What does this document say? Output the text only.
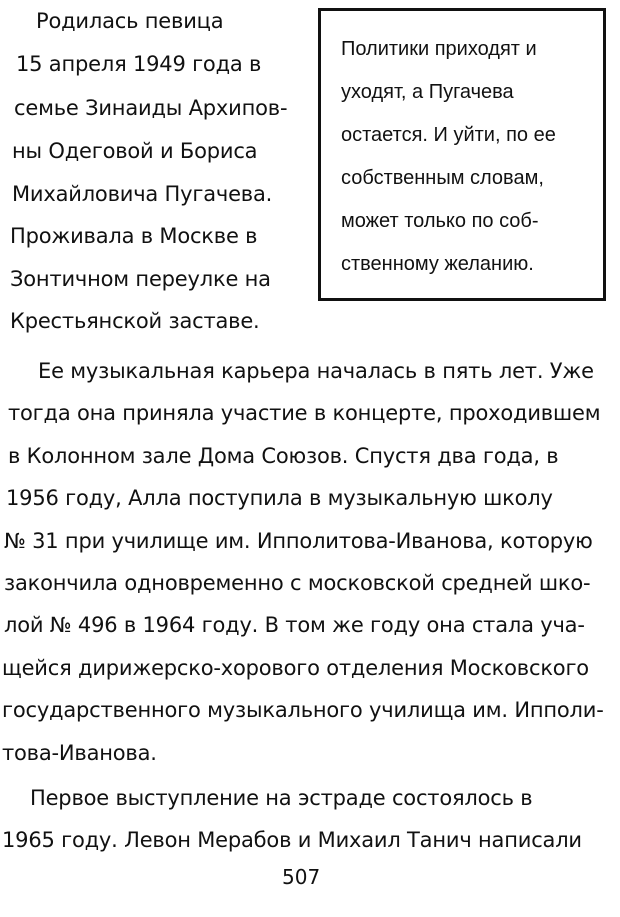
Родилась певица
15 апреля 1949 года в
семье Зинаиды Архипов-
ны Одеговой и Бориса
Михайловича Пугачева.
Проживала в Москве в
Зонтичном переулке на
Крестьянской заставе.
Политики приходят и
уходят, а Пугачева
остается. И уйти, по ее
собственным словам,
может только по соб-
ственному желанию.
Ее музыкальная карьера началась в пять лет. Уже
тогда она приняла участие в концерте, проходившем
в Колонном зале Дома Союзов. Спустя два года, в
1956 году, Алла поступила в музыкальную школу
№ 31 при училище им. Ипполитова-Иванова, которую
закончила одновременно с московской средней шко-
лой № 496 в 1964 году. В том же году она стала уча-
щейся дирижерско-хорового отделения Московского
государственного музыкального училища им. Ипполи-
това-Иванова.
Первое выступление на эстраде состоялось в
1965 году. Левон Мерабов и Михаил Танич написали
507
